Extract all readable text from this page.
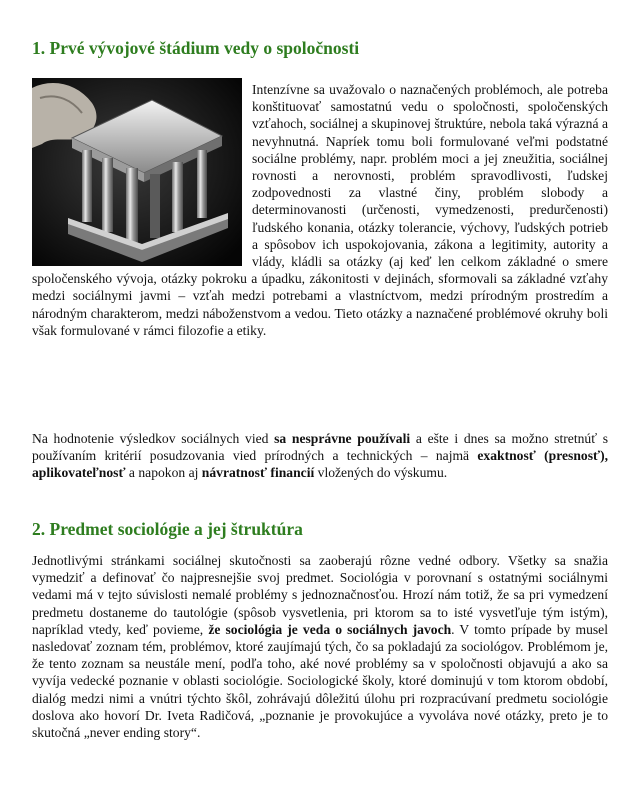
1. Prvé vývojové štádium vedy o spoločnosti
Intenzívne sa uvažovalo o naznačených problémoch, ale potreba konštituovať samostatnú vedu o spoločnosti, spoločenských vzťahoch, sociálnej a skupinovej štruktúre, nebola taká výrazná a nevyhnutná. Napríek tomu boli formulované veľmi podstatné sociálne problémy, napr. problém moci a jej zneužitia, sociálnej rovnosti a nerovnosti, problém spravodlivosti, ľudskej zodpovednosti za vlastné činy, problém slobody a determinovanosti (určenosti, vymedzenosti, predurčenosti) ľudského konania, otázky tolerancie, výchovy, ľudských potrieb a spôsobov ich uspokojovania, zákona a legitimity, autority a vlády, kládli sa otázky (aj keď len celkom základné o smere spoločenského vývoja, otázky pokroku a úpadku, zákonitosti v dejinách, sformovali sa základné vzťahy medzi sociálnymi javmi – vzťah medzi potrebami a vlastníctvom, medzi prírodným prostredím a národným charakterom, medzi náboženstvom a vedou. Tieto otázky a naznačené problémové okruhy boli však formulované v rámci filozofie a etiky.

Na hodnotenie výsledkov sociálnych vied sa nesprávne používali a ešte i dnes sa možno stretnúť s používaním kritérií posudzovania vied prírodných a technických – najmä exaktnosť (presnosť), aplikovateľnosť a napokon aj návratnosť financií vložených do výskumu.

2. Predmet sociológie a jej štruktúra

Jednotlivými stránkami sociálnej skutočnosti sa zaoberajú rôzne vedné odbory. Všetky sa snažia vymedziť a definovať čo najpresnejšie svoj predmet. Sociológia v porovnaní s ostatnými sociálnymi vedami má v tejto súvislosti nemalé problémy s jednoznačnosťou. Hrozí nám totiž, že sa pri vymedzení predmetu dostaneme do tautológie (spôsob vysvetlenia, pri ktorom sa to isté vysvetľuje tým istým), napríklad vtedy, keď povieme, že sociológia je veda o sociálnych javoch. V tomto prípade by musel nasledovať zoznam tém, problémov, ktoré zaujímajú tých, čo sa pokladajú za sociológov. Problémom je, že tento zoznam sa neustále mení, podľa toho, aké nové problémy sa v spoločnosti objavujú a ako sa vyvíja vedecké poznanie v oblasti sociológie. Sociologické školy, ktoré dominujú v tom ktorom období, dialóg medzi nimi a vnútri týchto škôl, zohrávajú dôležitú úlohu pri rozpracúvaní predmetu sociológie doslova ako hovorí Dr. Iveta Radičová, „poznanie je provokujúce a vyvoláva nové otázky, preto je to skutočná „never ending story“.
